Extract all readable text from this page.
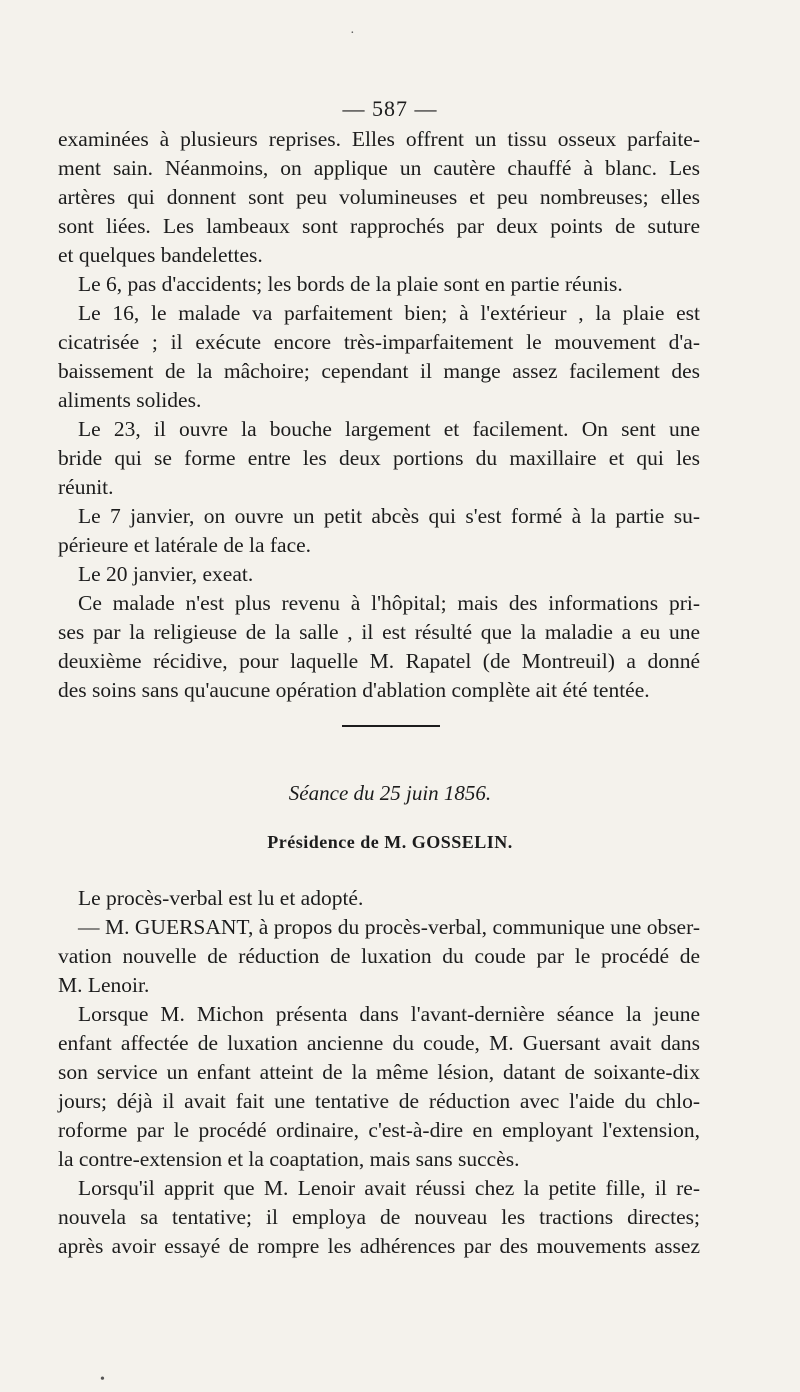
— 587 —
examinées à plusieurs reprises. Elles offrent un tissu osseux parfaite-
ment sain. Néanmoins, on applique un cautère chauffé à blanc. Les
artères qui donnent sont peu volumineuses et peu nombreuses; elles
sont liées. Les lambeaux sont rapprochés par deux points de suture
et quelques bandelettes.
Le 6, pas d'accidents; les bords de la plaie sont en partie réunis.
Le 16, le malade va parfaitement bien; à l'extérieur , la plaie est
cicatrisée ; il exécute encore très-imparfaitement le mouvement d'a-
baissement de la mâchoire; cependant il mange assez facilement des
aliments solides.
Le 23, il ouvre la bouche largement et facilement. On sent une
bride qui se forme entre les deux portions du maxillaire et qui les
réunit.
Le 7 janvier, on ouvre un petit abcès qui s'est formé à la partie su-
périeure et latérale de la face.
Le 20 janvier, exeat.
Ce malade n'est plus revenu à l'hôpital; mais des informations pri-
ses par la religieuse de la salle , il est résulté que la maladie a eu une
deuxième récidive, pour laquelle M. Rapatel (de Montreuil) a donné
des soins sans qu'aucune opération d'ablation complète ait été tentée.
Séance du 25 juin 1856.
Présidence de M. GOSSELIN.
Le procès-verbal est lu et adopté.
— M. GUERSANT, à propos du procès-verbal, communique une obser-
vation nouvelle de réduction de luxation du coude par le procédé de
M. Lenoir.
Lorsque M. Michon présenta dans l'avant-dernière séance la jeune
enfant affectée de luxation ancienne du coude, M. Guersant avait dans
son service un enfant atteint de la même lésion, datant de soixante-dix
jours; déjà il avait fait une tentative de réduction avec l'aide du chlo-
roforme par le procédé ordinaire, c'est-à-dire en employant l'extension,
la contre-extension et la coaptation, mais sans succès.
Lorsqu'il apprit que M. Lenoir avait réussi chez la petite fille, il re-
nouvela sa tentative; il employa de nouveau les tractions directes;
après avoir essayé de rompre les adhérences par des mouvements assez
•
·
